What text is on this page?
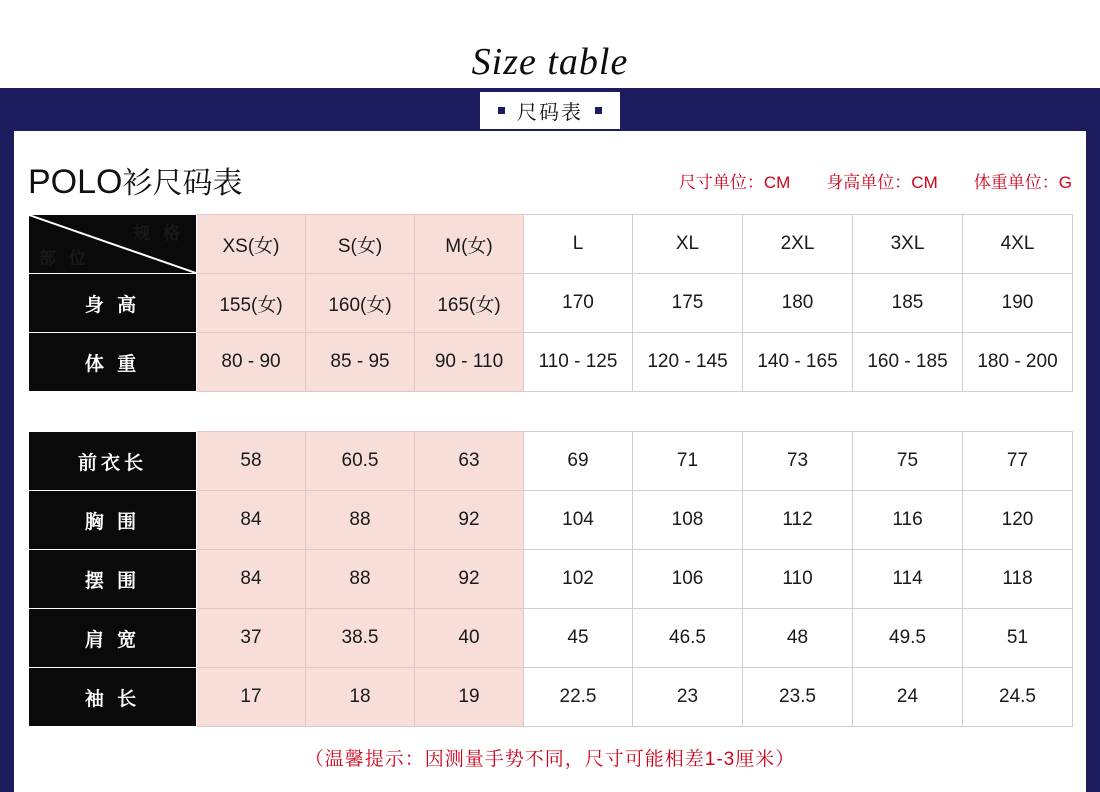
Size table
尺码表
POLO衫尺码表	尺寸单位：CM 身高单位：CM 体重单位：G
规 格
部 位	XS(女)	S(女)	M(女)	L	XL	2XL	3XL	4XL
身 高	155(女)	160(女)	165(女)	170	175	180	185	190
体 重	80 - 90	85 - 95	90 - 110	110 - 125	120 - 145	140 - 165	160 - 185	180 - 200
前衣长	58	60.5	63	69	71	73	75	77
胸 围	84	88	92	104	108	112	116	120
摆 围	84	88	92	102	106	110	114	118
肩 宽	37	38.5	40	45	46.5	48	49.5	51
袖 长	17	18	19	22.5	23	23.5	24	24.5
（温馨提示：因测量手势不同，尺寸可能相差1-3厘米）
